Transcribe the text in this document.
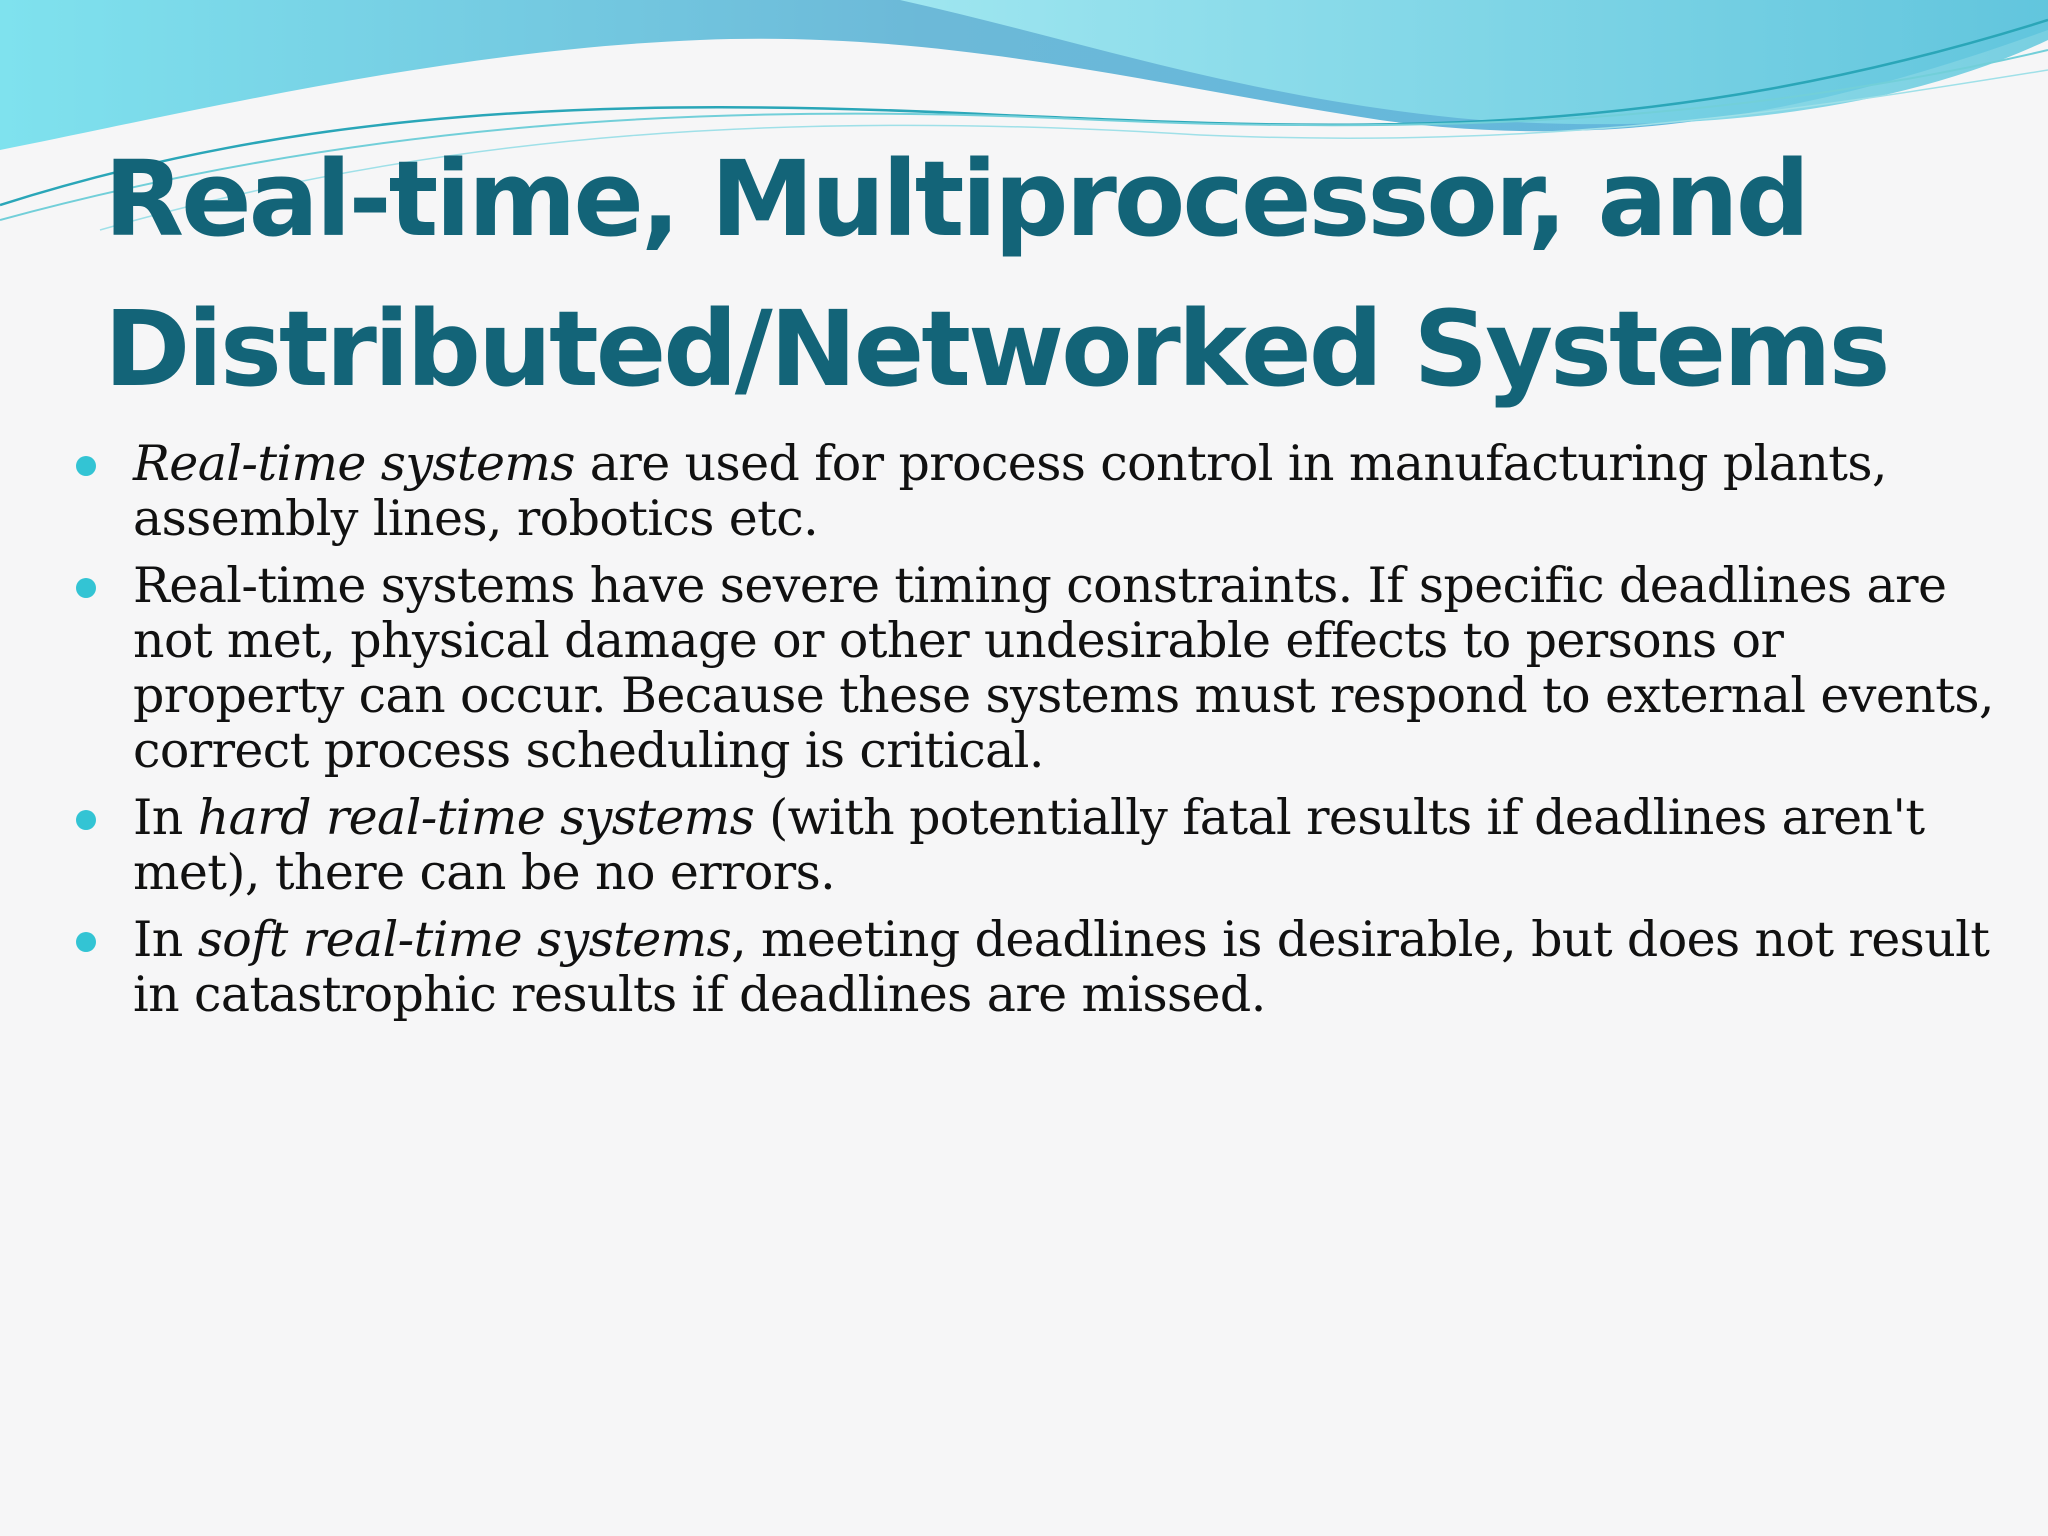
Real-time, Multiprocessor, and
Distributed/Networked Systems
Real-time systems are used for process control in manufacturing plants, assembly lines, robotics etc.
Real-time systems have severe timing constraints. If specific deadlines are not met, physical damage or other undesirable effects to persons or property can occur. Because these systems must respond to external events, correct process scheduling is critical.
In hard real-time systems (with potentially fatal results if deadlines aren't met), there can be no errors.
In soft real-time systems, meeting deadlines is desirable, but does not result in catastrophic results if deadlines are missed.
